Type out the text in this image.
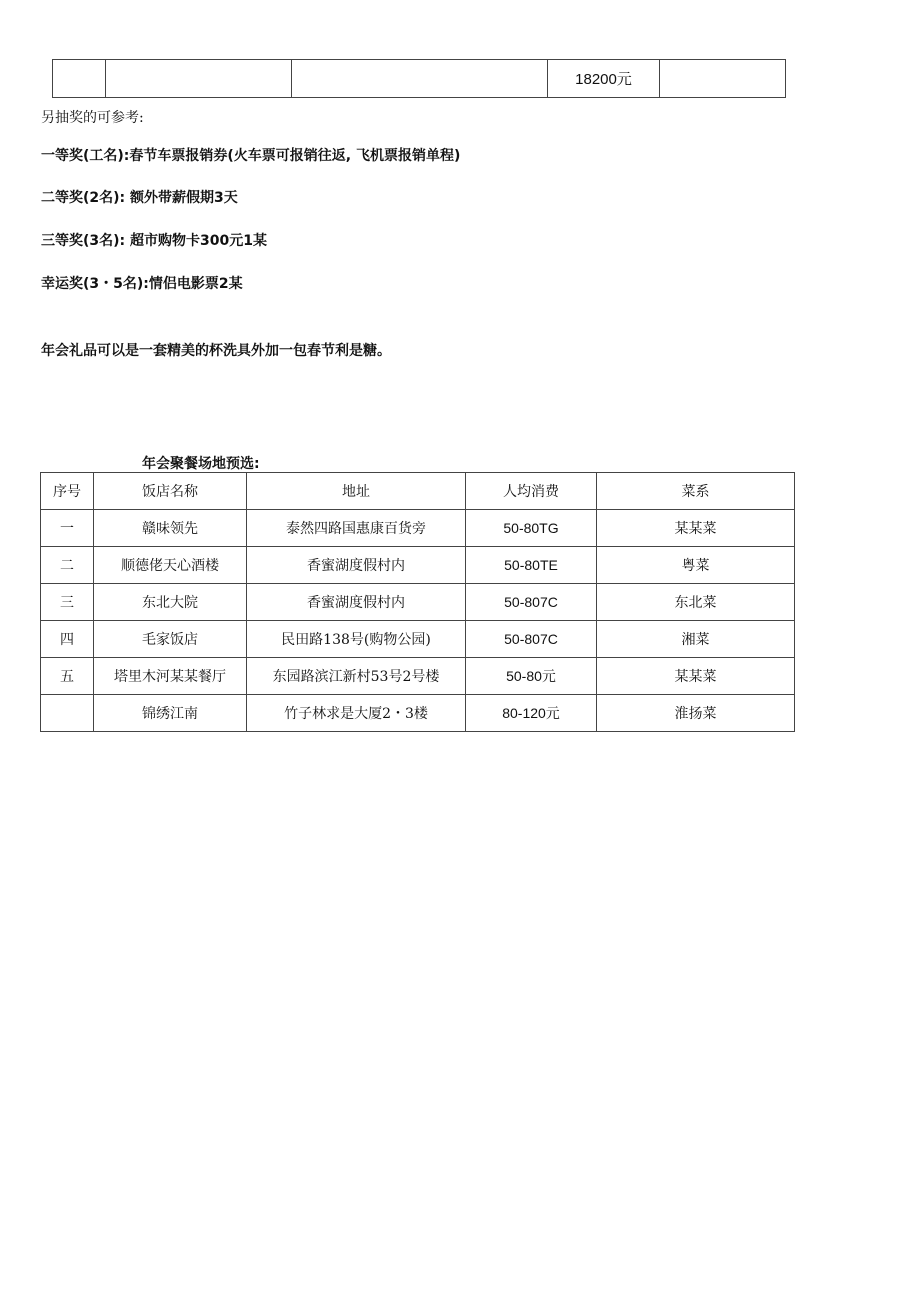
			18200元	
另抽奖的可参考:
一等奖(工名):春节车票报销券(火车票可报销往返, 飞机票报销单程)
二等奖(2名): 额外带薪假期3天
三等奖(3名): 超市购物卡300元1某
幸运奖(3・5名):情侣电影票2某
年会礼品可以是一套精美的杯洗具外加一包春节利是糖。
年会聚餐场地预选:
序号	饭店名称	地址	人均消费	菜系
一	赣味领先	泰然四路国惠康百货旁	50-80TG	某某菜
二	顺德佬天心酒楼	香蜜湖度假村内	50-80TE	粤菜
三	东北大院	香蜜湖度假村内	50-807C	东北菜
四	毛家饭店	民田路138号(购物公园)	50-807C	湘菜
五	塔里木河某某餐厅	东园路滨江新村53号2号楼	50-80元	某某菜
	锦绣江南	竹子林求是大厦2・3楼	80-120元	淮扬菜
